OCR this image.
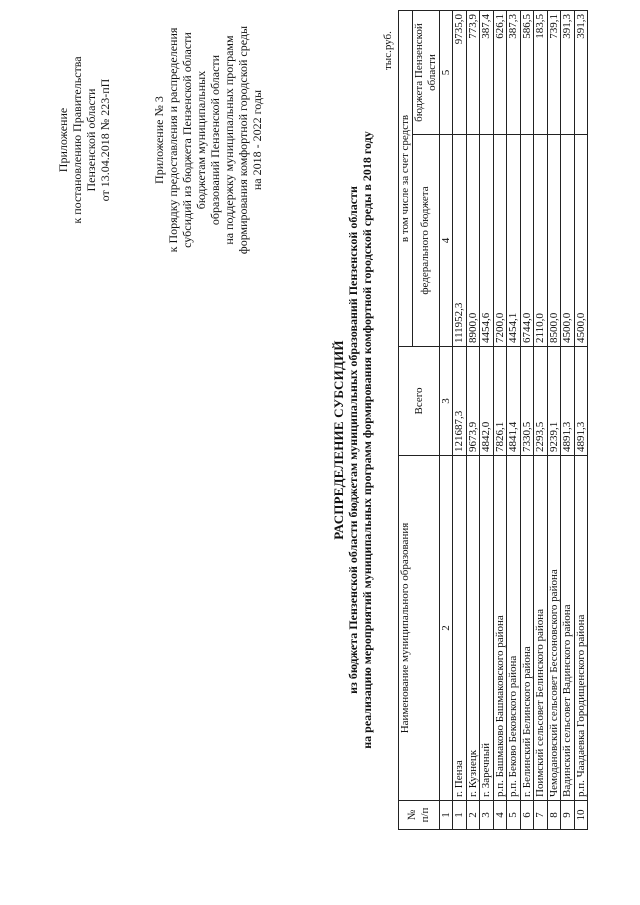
Приложение к постановлению Правительства Пензенской области от 13.04.2018 № 223-пП	Приложение № 3 к Порядку предоставления и распределения субсидий из бюджета Пензенской области бюджетам муниципальных образований Пензенской области на поддержку муниципальных программ формирования комфортной городской среды на 2018 - 2022 годы
РАСПРЕДЕЛЕНИЕ СУБСИДИЙ из бюджета Пензенской области бюджетам муниципальных образований Пензенской области на реализацию мероприятий муниципальных программ формирования комфортной городской среды в 2018 году
тыс.руб.
№
п/п	Наименование муниципального образования	Всего	в том числе за счет средств	
			федерального бюджета	бюджета Пензенской области
1	2	3	4	5
1	г. Пенза	121687,3	111952,3	9735,0
2	г. Кузнецк	9673,9	8900,0	773,9
3	г. Заречный	4842,0	4454,6	387,4
4	р.п. Башмаково Башмаковского района	7826,1	7200,0	626,1
5	р.п. Беково Бековского района	4841,4	4454,1	387,3
6	г. Белинский Белинского района	7330,5	6744,0	586,5
7	Поимский сельсовет Белинского района	2293,5	2110,0	183,5
8	Чемодановский сельсовет Бессоновского района	9239,1	8500,0	739,1
9	Вадинский сельсовет Вадинского района	4891,3	4500,0	391,3
10	р.п. Чаадаевка Городищенского района	4891,3	4500,0	391,3
